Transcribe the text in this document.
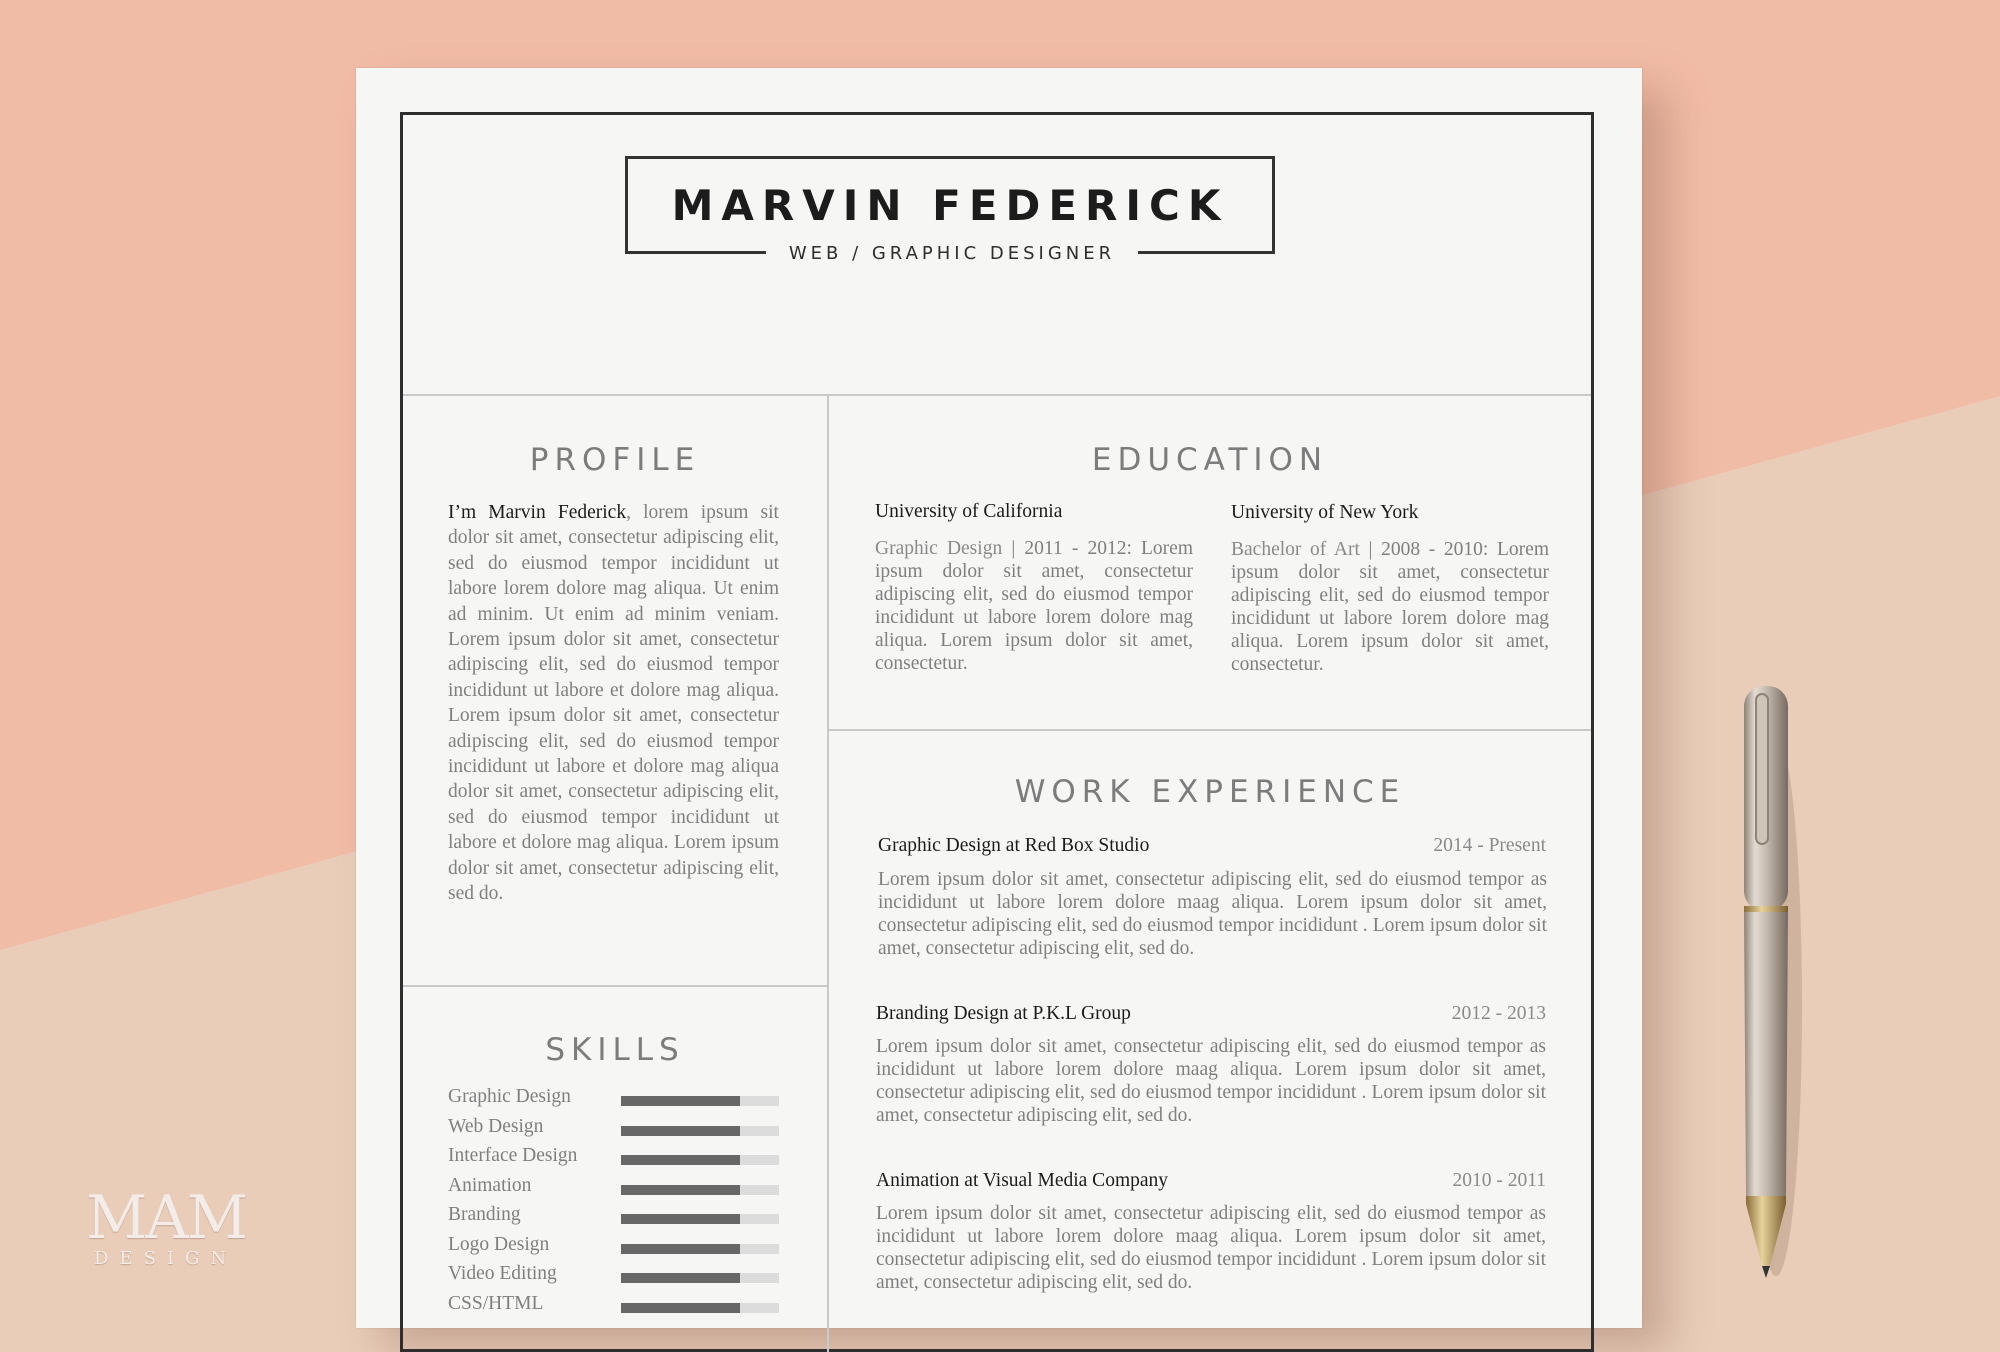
MARVIN FEDERICK
WEB / GRAPHIC DESIGNER
PROFILE

I’m Marvin Federick, lorem ipsum sit dolor sit amet, consectetur adipiscing elit, sed do eiusmod tempor incididunt ut labore lorem dolore mag aliqua. Ut enim ad minim. Ut enim ad minim veniam. Lorem ipsum dolor sit amet, consectetur adipiscing elit, sed do eiusmod tempor incididunt ut labore et dolore mag aliqua. Lorem ipsum dolor sit amet, consectetur adipiscing elit, sed do eiusmod tempor incididunt ut labore et dolore mag aliqua dolor sit amet, consectetur adipiscing elit, sed do eiusmod tempor incididunt ut labore et dolore mag aliqua. Lorem ipsum dolor sit amet, consectetur adipiscing elit, sed do.

SKILLS
Graphic Design
Web Design
Interface Design
Animation
Branding
Logo Design
Video Editing
CSS/HTML
EDUCATION
University of California

Graphic Design | 2011 - 2012: Lorem ipsum dolor sit amet, consectetur adipiscing elit, sed do eiusmod tempor incididunt ut labore lorem dolore mag aliqua. Lorem ipsum dolor sit amet, consectetur.

University of New York

Bachelor of Art | 2008 - 2010: Lorem ipsum dolor sit amet, consectetur adipiscing elit, sed do eiusmod tempor incididunt ut labore lorem dolore mag aliqua. Lorem ipsum dolor sit amet, consectetur.

WORK EXPERIENCE
Graphic Design at Red Box Studio	2014 - Present

Lorem ipsum dolor sit amet, consectetur adipiscing elit, sed do eiusmod tempor as incididunt ut labore lorem dolore maag aliqua. Lorem ipsum dolor sit amet, consectetur adipiscing elit, sed do eiusmod tempor incididunt . Lorem ipsum dolor sit amet, consectetur adipiscing elit, sed do.

Branding Design at P.K.L Group	2012 - 2013

Lorem ipsum dolor sit amet, consectetur adipiscing elit, sed do eiusmod tempor as incididunt ut labore lorem dolore maag aliqua. Lorem ipsum dolor sit amet, consectetur adipiscing elit, sed do eiusmod tempor incididunt . Lorem ipsum dolor sit amet, consectetur adipiscing elit, sed do.

Animation at Visual Media Company	2010 - 2011

Lorem ipsum dolor sit amet, consectetur adipiscing elit, sed do eiusmod tempor as incididunt ut labore lorem dolore maag aliqua. Lorem ipsum dolor sit amet, consectetur adipiscing elit, sed do eiusmod tempor incididunt . Lorem ipsum dolor sit amet, consectetur adipiscing elit, sed do.

MAM
DESIGN
